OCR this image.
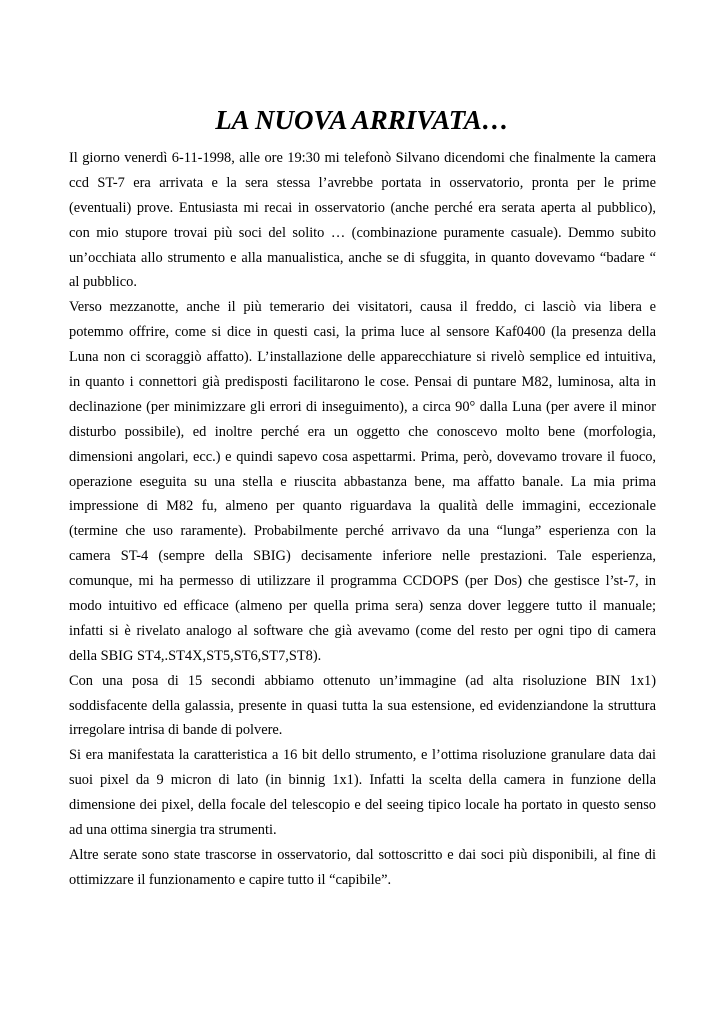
LA NUOVA ARRIVATA…

Il giorno venerdì 6-11-1998, alle ore 19:30 mi telefonò Silvano dicendomi che finalmente la camera
ccd ST-7 era arrivata e la sera stessa l’avrebbe portata in osservatorio, pronta per le prime
(eventuali) prove. Entusiasta mi recai in osservatorio (anche perché era serata aperta al pubblico),
con mio stupore trovai più soci del solito … (combinazione puramente casuale). Demmo subito
un’occhiata allo strumento e alla manualistica, anche se di sfuggita, in quanto dovevamo “badare “
al pubblico.

Verso mezzanotte, anche il più temerario dei visitatori, causa il freddo, ci lasciò via libera e
potemmo offrire, come si dice in questi casi, la prima luce al sensore Kaf0400 (la presenza della
Luna non ci scoraggiò affatto). L’installazione delle apparecchiature si rivelò semplice ed intuitiva,
in quanto i connettori già predisposti facilitarono le cose. Pensai di puntare M82, luminosa, alta in
declinazione (per minimizzare gli errori di inseguimento), a circa 90° dalla Luna (per avere il minor
disturbo possibile), ed inoltre perché era un oggetto che conoscevo molto bene (morfologia,
dimensioni angolari, ecc.) e quindi sapevo cosa aspettarmi. Prima, però, dovevamo trovare il fuoco,
operazione eseguita su una stella e riuscita abbastanza bene, ma affatto banale. La mia prima
impressione di M82 fu, almeno per quanto riguardava la qualità delle immagini, eccezionale
(termine che uso raramente). Probabilmente perché arrivavo da una “lunga” esperienza con la
camera ST-4 (sempre della SBIG) decisamente inferiore nelle prestazioni. Tale esperienza,
comunque, mi ha permesso di utilizzare il programma CCDOPS (per Dos) che gestisce l’st-7, in
modo intuitivo ed efficace (almeno per quella prima sera) senza dover leggere tutto il manuale;
infatti si è rivelato analogo al software che già avevamo (come del resto per ogni tipo di camera
della SBIG ST4,.ST4X,ST5,ST6,ST7,ST8).

Con una posa di 15 secondi abbiamo ottenuto un’immagine (ad alta risoluzione BIN 1x1)
soddisfacente della galassia, presente in quasi tutta la sua estensione, ed evidenziandone la struttura
irregolare intrisa di bande di polvere.

Si era manifestata la caratteristica a 16 bit dello strumento, e l’ottima risoluzione granulare data dai
suoi pixel da 9 micron di lato (in binnig 1x1). Infatti la scelta della camera in funzione della
dimensione dei pixel, della focale del telescopio e del seeing tipico locale ha portato in questo senso
ad una ottima sinergia tra strumenti.

Altre serate sono state trascorse in osservatorio, dal sottoscritto e dai soci più disponibili, al fine di
ottimizzare il funzionamento e capire tutto il “capibile”.
